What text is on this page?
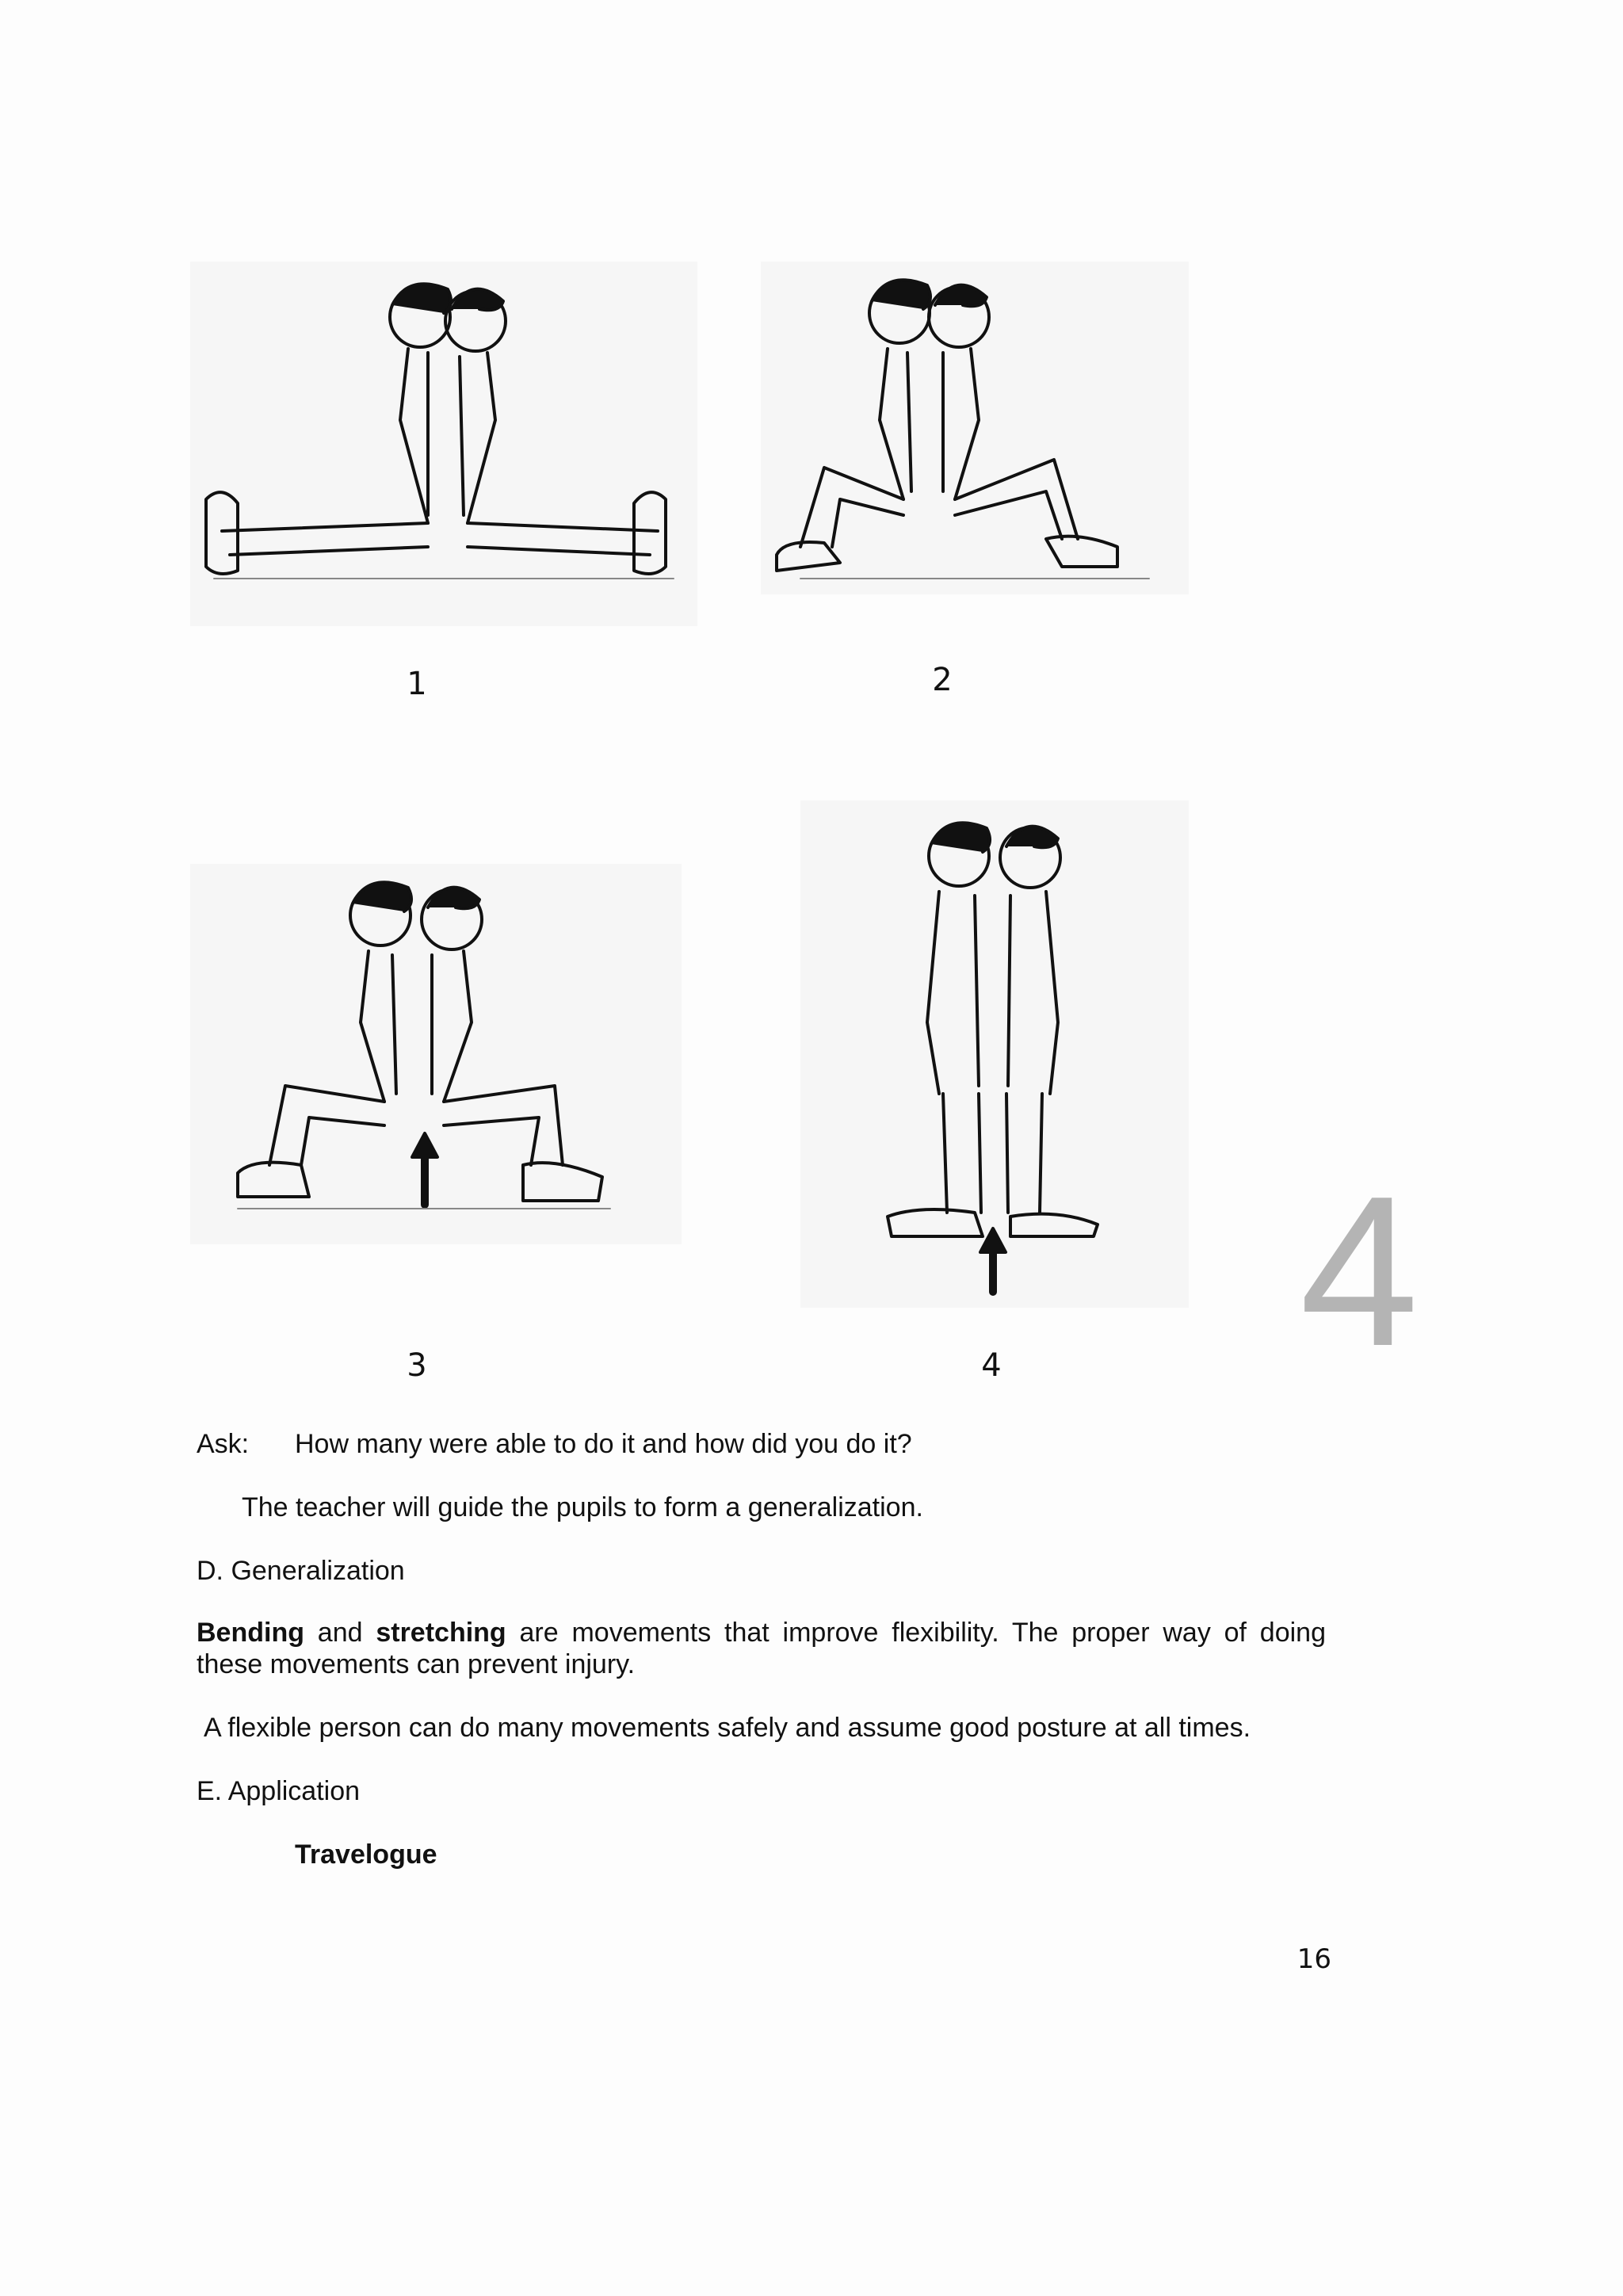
1	2
3	4 4
Ask: How many were able to do it and how did you do it?
The teacher will guide the pupils to form a generalization.
D. Generalization
Bending and stretching are movements that improve flexibility. The proper way of doing these movements can prevent injury.
A flexible person can do many movements safely and assume good posture at all times.
E. Application
Travelogue
16
